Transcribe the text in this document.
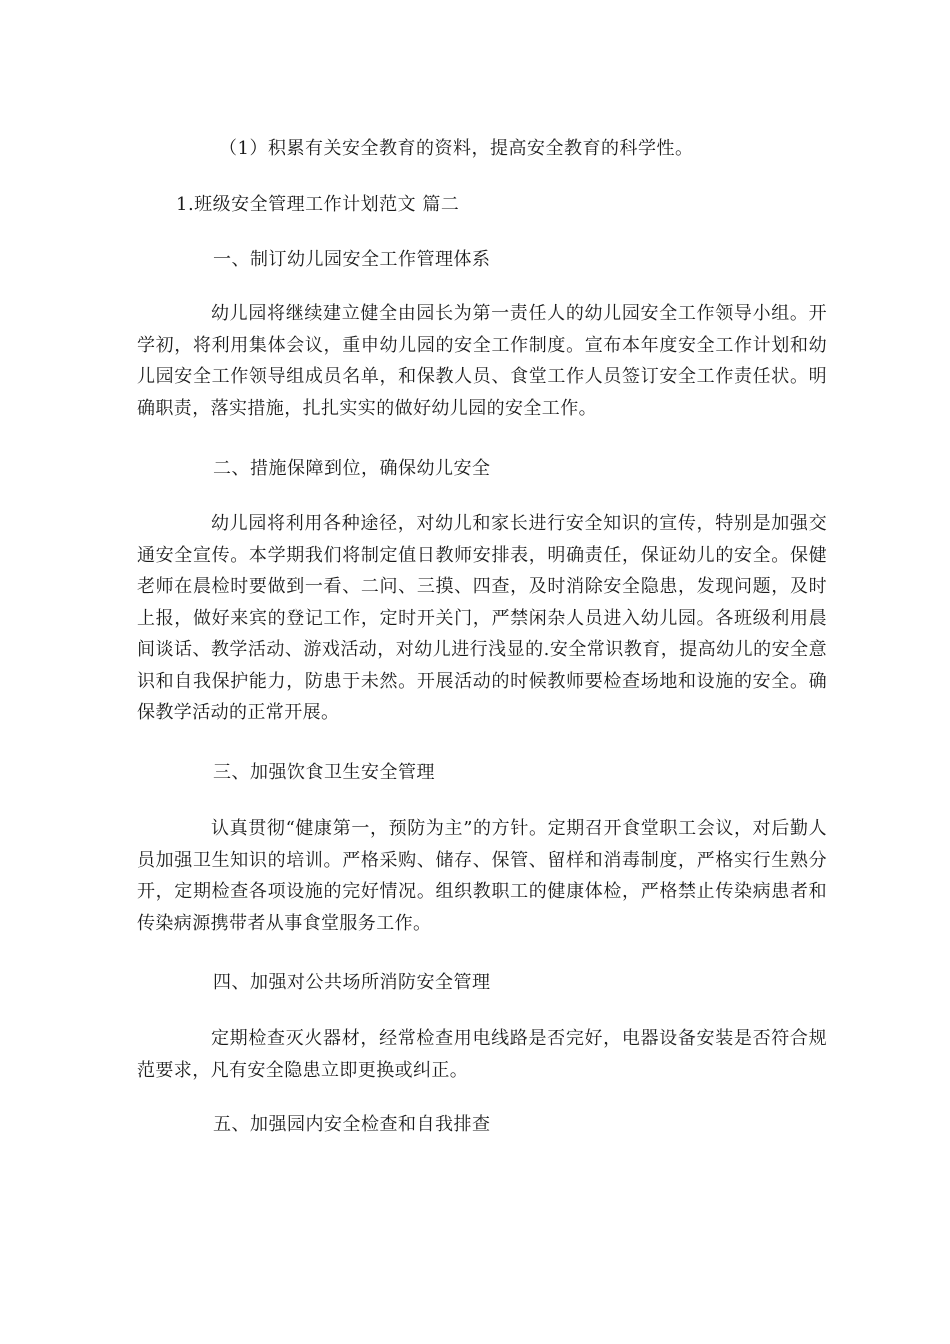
（1）积累有关安全教育的资料，提高安全教育的科学性。
1.班级安全管理工作计划范文 篇二
一、制订幼儿园安全工作管理体系
幼儿园将继续建立健全由园长为第一责任人的幼儿园安全工作领导小组。开学初，将利用集体会议，重申幼儿园的安全工作制度。宣布本年度安全工作计划和幼儿园安全工作领导组成员名单，和保教人员、食堂工作人员签订安全工作责任状。明确职责，落实措施，扎扎实实的做好幼儿园的安全工作。
二、措施保障到位，确保幼儿安全
幼儿园将利用各种途径，对幼儿和家长进行安全知识的宣传，特别是加强交通安全宣传。本学期我们将制定值日教师安排表，明确责任，保证幼儿的安全。保健老师在晨检时要做到一看、二问、三摸、四查，及时消除安全隐患，发现问题，及时上报，做好来宾的登记工作，定时开关门，严禁闲杂人员进入幼儿园。各班级利用晨间谈话、教学活动、游戏活动，对幼儿进行浅显的.安全常识教育，提高幼儿的安全意识和自我保护能力，防患于未然。开展活动的时候教师要检查场地和设施的安全。确保教学活动的正常开展。
三、加强饮食卫生安全管理
认真贯彻“健康第一，预防为主”的方针。定期召开食堂职工会议，对后勤人员加强卫生知识的培训。严格采购、储存、保管、留样和消毒制度，严格实行生熟分开，定期检查各项设施的完好情况。组织教职工的健康体检，严格禁止传染病患者和传染病源携带者从事食堂服务工作。
四、加强对公共场所消防安全管理
定期检查灭火器材，经常检查用电线路是否完好，电器设备安装是否符合规范要求，凡有安全隐患立即更换或纠正。
五、加强园内安全检查和自我排查
